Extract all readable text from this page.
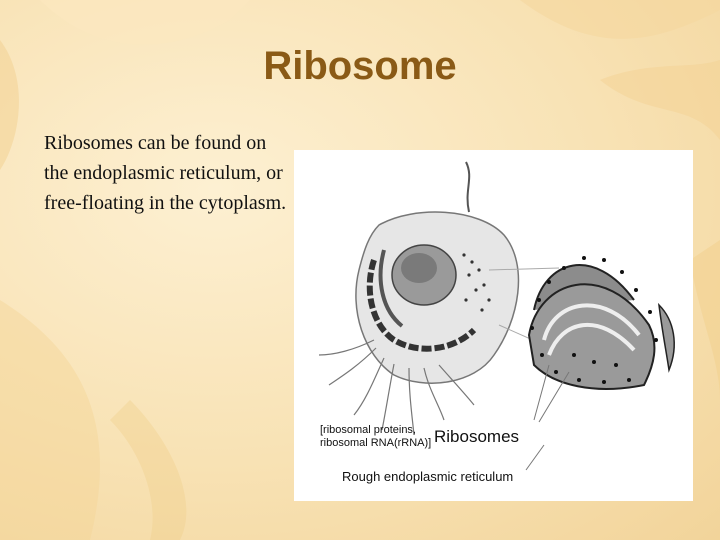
Ribosome
Ribosomes can be found on the endoplasmic reticulum, or free-floating in the cytoplasm.
[ribosomal proteins,
ribosomal RNA(rRNA)] Ribosomes
Rough endoplasmic reticulum
